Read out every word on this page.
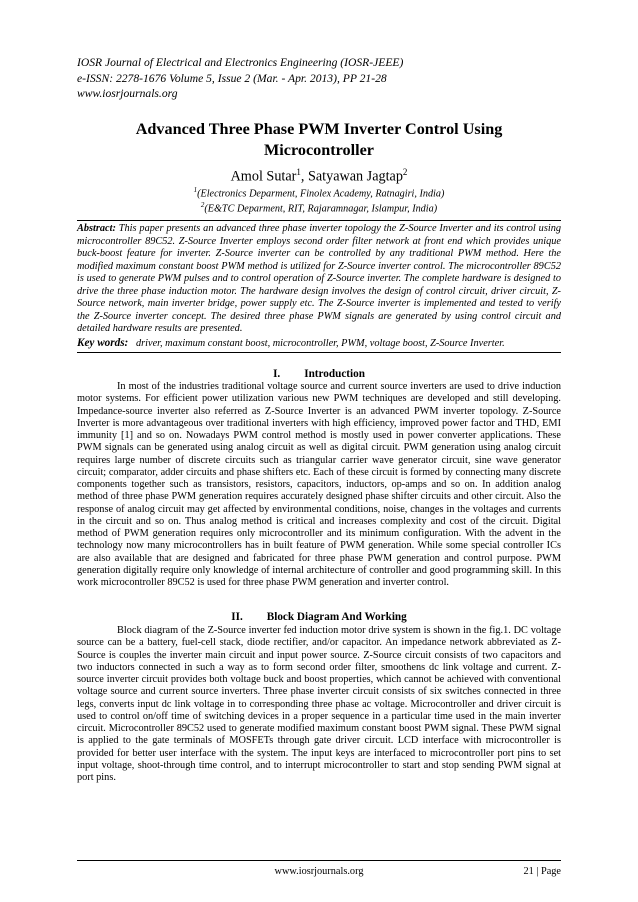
IOSR Journal of Electrical and Electronics Engineering (IOSR-JEEE)
e-ISSN: 2278-1676 Volume 5, Issue 2 (Mar. - Apr. 2013), PP 21-28
www.iosrjournals.org
Advanced Three Phase PWM Inverter Control Using
Microcontroller
Amol Sutar$^1$, Satyawan Jagtap$^2$
$^1$(Electronics Deparment, Finolex Academy, Ratnagiri, India)
$^2$(E&TC Deparment, RIT, Rajaramnagar, Islampur, India)
Abstract: This paper presents an advanced three phase inverter topology the Z-Source Inverter and its control using microcontroller 89C52. Z-Source Inverter employs second order filter network at front end which provides unique buck-boost feature for inverter. Z-Source inverter can be controlled by any traditional PWM method. Here the modified maximum constant boost PWM method is utilized for Z-Source inverter control. The microcontroller 89C52 is used to generate PWM pulses and to control operation of Z-Source inverter. The complete hardware is designed to drive the three phase induction motor. The hardware design involves the design of control circuit, driver circuit, Z-Source network, main inverter bridge, power supply etc. The Z-Source inverter is implemented and tested to verify the Z-Source inverter concept. The desired three phase PWM signals are generated by using control circuit and detailed hardware results are presented.
Key words: driver, maximum constant boost, microcontroller, PWM, voltage boost, Z-Source Inverter.
I. Introduction

In most of the industries traditional voltage source and current source inverters are used to drive induction motor systems. For efficient power utilization various new PWM techniques are developed and still developing. Impedance-source inverter also referred as Z-Source Inverter is an advanced PWM inverter topology. Z-Source Inverter is more advantageous over traditional inverters with high efficiency, improved power factor and THD, EMI immunity [1] and so on. Nowadays PWM control method is mostly used in power converter applications. These PWM signals can be generated using analog circuit as well as digital circuit. PWM generation using analog circuit requires large number of discrete circuits such as triangular carrier wave generator circuit, sine wave generator circuit; comparator, adder circuits and phase shifters etc. Each of these circuit is formed by connecting many discrete components together such as transistors, resistors, capacitors, inductors, op-amps and so on. In addition analog method of three phase PWM generation requires accurately designed phase shifter circuits and other circuit. Also the response of analog circuit may get affected by environmental conditions, noise, changes in the voltages and currents in the circuit and so on. Thus analog method is critical and increases complexity and cost of the circuit. Digital method of PWM generation requires only microcontroller and its minimum configuration. With the advent in the technology now many microcontrollers has in built feature of PWM generation. While some special controller ICs are also available that are designed and fabricated for three phase PWM generation and control purpose. PWM generation digitally require only knowledge of internal architecture of controller and good programming skill. In this work microcontroller 89C52 is used for three phase PWM generation and inverter control.

II. Block Diagram And Working

Block diagram of the Z-Source inverter fed induction motor drive system is shown in the fig.1. DC voltage source can be a battery, fuel-cell stack, diode rectifier, and/or capacitor. An impedance network abbreviated as Z-Source is couples the inverter main circuit and input power source. Z-Source circuit consists of two capacitors and two inductors connected in such a way as to form second order filter, smoothens dc link voltage and current. Z-source inverter circuit provides both voltage buck and boost properties, which cannot be achieved with conventional voltage source and current source inverters. Three phase inverter circuit consists of six switches connected in three legs, converts input dc link voltage in to corresponding three phase ac voltage. Microcontroller and driver circuit is used to control on/off time of switching devices in a proper sequence in a particular time used in the main inverter circuit. Microcontroller 89C52 used to generate modified maximum constant boost PWM signal. These PWM signal is applied to the gate terminals of MOSFETs through gate driver circuit. LCD interface with microcontroller is provided for better user interface with the system. The input keys are interfaced to microcontroller port pins to set input voltage, shoot-through time control, and to interrupt microcontroller to start and stop sending PWM signal at port pins.

www.iosrjournals.org	21 | Page
